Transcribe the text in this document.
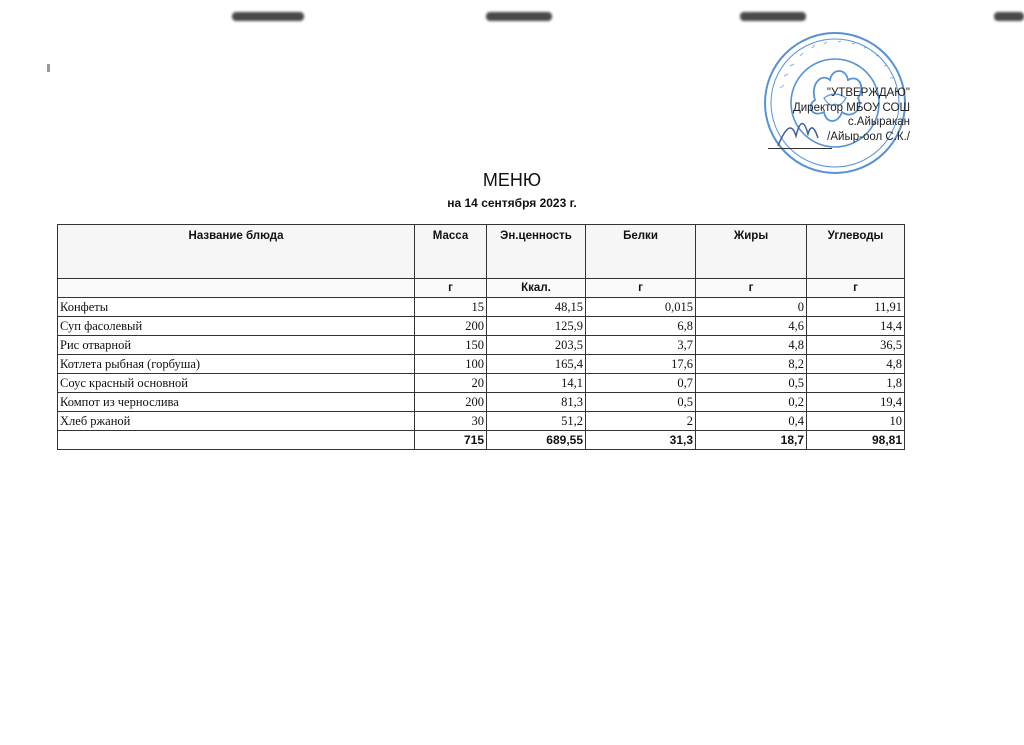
"УТВЕРЖДАЮ"
Директор МБОУ СОШ
с.Айыракан
/Айыр-оол С.К./
МЕНЮ
на 14 сентября 2023 г.
Название блюда	Масса	Эн.ценность	Белки	Жиры	Углеводы
	г	Ккал.	г	г	г
Конфеты	15	48,15	0,015	0	11,91
Суп фасолевый	200	125,9	6,8	4,6	14,4
Рис отварной	150	203,5	3,7	4,8	36,5
Котлета рыбная (горбуша)	100	165,4	17,6	8,2	4,8
Соус красный основной	20	14,1	0,7	0,5	1,8
Компот из чернослива	200	81,3	0,5	0,2	19,4
Хлеб ржаной	30	51,2	2	0,4	10
	715	689,55	31,3	18,7	98,81
